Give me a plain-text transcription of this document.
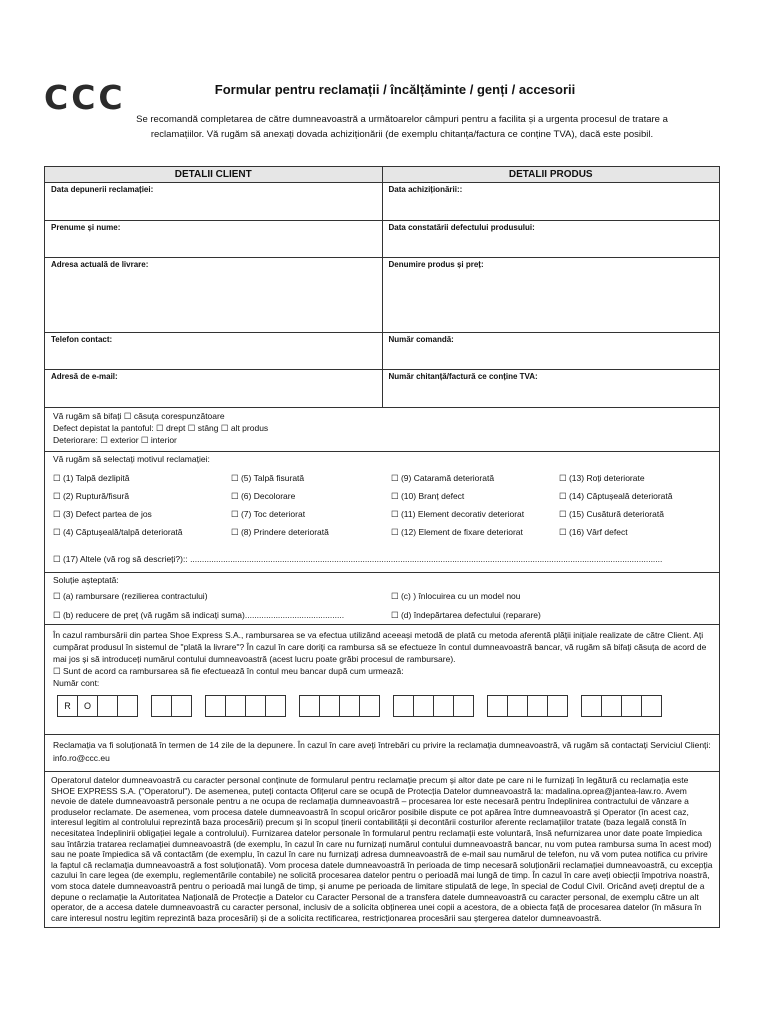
CCC	Formular pentru reclamații / încălțăminte / genți / accesorii
Se recomandă completarea de către dumneavoastră a următoarelor câmpuri pentru a facilita și a urgenta procesul de tratare a reclamațiilor. Vă rugăm să anexați dovada achiziționării (de exemplu chitanța/factura ce conține TVA), dacă este posibil.
DETALII CLIENT	DETALII PRODUS
Data depunerii reclamației:	Data achiziționării::
Prenume și nume:	Data constatării defectului produsului:
Adresa actuală de livrare:	Denumire produs și preț:
Telefon contact:	Număr comandă:
Adresă de e-mail:	Număr chitanță/factură ce conține TVA:
Vă rugăm să bifați ☐ căsuța corespunzătoare
Defect depistat la pantoful: ☐ drept ☐ stâng ☐ alt produs
Deteriorare: ☐ exterior ☐ interior
Vă rugăm să selectați motivul reclamației:
☐ (1) Talpă dezlipită	☐ (5) Talpă fisurată	☐ (9) Cataramă deteriorată	☐ (13) Roți deteriorate
☐ (2) Ruptură/fisură	☐ (6) Decolorare	☐ (10) Branț defect	☐ (14) Căptușeală deteriorată
☐ (3) Defect partea de jos	☐ (7) Toc deteriorat	☐ (11) Element decorativ deteriorat	☐ (15) Cusătură deteriorată
☐ (4) Căptușeală/talpă deteriorată	☐ (8) Prindere deteriorată	☐ (12) Element de fixare deteriorat	☐ (16) Vârf defect
☐ (17) Altele (vă rog să descrieți?):: ........................................................................................................................................................................................................
Soluție așteptată:
☐ (a) rambursare (rezilierea contractului)	☐ (c) ) înlocuirea cu un model nou
☐ (b) reducere de preț (vă rugăm să indicați suma)..........................................	☐ (d) îndepărtarea defectului (reparare)
În cazul rambursării din partea Shoe Express S.A., rambursarea se va efectua utilizând aceeași metodă de plată cu metoda aferentă plății inițiale realizate de către Client. Ați cumpărat produsul în sistemul de "plată la livrare"? În cazul în care doriți ca rambursa să se efectueze în contul dumneavoastră bancar, vă rugăm să bifați căsuța de acord de mai jos și să introduceți numărul contului dumneavoastră (acest lucru poate grăbi procesul de rambursare).
☐ Sunt de acord ca rambursarea să fie efectuează în contul meu bancar după cum urmează:
Număr cont:
R	O
Reclamația va fi soluționată în termen de 14 zile de la depunere. În cazul în care aveți întrebări cu privire la reclamația dumneavoastră, vă rugăm să contactați Serviciul Clienți: info.ro@ccc.eu
Operatorul datelor dumneavoastră cu caracter personal conținute de formularul pentru reclamație precum și altor date pe care ni le furnizați în legătură cu reclamația este SHOE EXPRESS S.A. ("Operatorul"). De asemenea, puteți contacta Ofițerul care se ocupă de Protecția Datelor dumneavoastră la: madalina.oprea@jantea-law.ro. Avem nevoie de datele dumneavoastră personale pentru a ne ocupa de reclamația dumneavoastră – procesarea lor este necesară pentru îndeplinirea contractului de vânzare a produselor reclamate. De asemenea, vom procesa datele dumneavoastră în scopul oricăror posibile dispute ce pot apărea între dumneavoastră și Operator (în acest caz, interesul legitim al controlului reprezintă baza procesării) precum și în scopul ținerii contabilității și decontării costurilor aferente reclamațiilor tratate (baza legală constă în necesitatea îndeplinirii obligației legale a controlului). Furnizarea datelor personale în formularul pentru reclamații este voluntară, însă nefurnizarea unor date poate împiedica sau întârzia tratarea reclamației dumneavoastră (de exemplu, în cazul în care nu furnizați numărul contului dumneavoastră bancar, nu vom putea rambursa suma în acest mod) sau ne poate împiedica să vă contactăm (de exemplu, în cazul în care nu furnizați adresa dumneavoastră de e-mail sau numărul de telefon, nu vă vom putea notifica cu privire la faptul că reclamația dumneavoastră a fost soluționată). Vom procesa datele dumneavoastră în perioada de timp necesară soluționării reclamației dumneavoastră, cu excepția cazului în care legea (de exemplu, reglementările contabile) ne solicită procesarea datelor pentru o perioadă mai lungă de timp. În cazul în care aveți obiecții împotriva noastră, vom stoca datele dumneavoastră pentru o perioadă mai lungă de timp, și anume pe perioada de limitare stipulată de lege, în special de Codul Civil. Oricând aveți dreptul de a depune o reclamație la Autoritatea Națională de Protecție a Datelor cu Caracter Personal de a transfera datele dumneavoastră cu caracter personal, de exemplu către un alt operator, de a accesa datele dumneavoastră cu caracter personal, inclusiv de a solicita obținerea unei copii a acestora, de a obiecta față de procesarea datelor (în măsura în care interesul nostru legitim reprezintă baza procesării) și de a solicita rectificarea, restricționarea procesării sau ștergerea datelor dumneavoastră.
